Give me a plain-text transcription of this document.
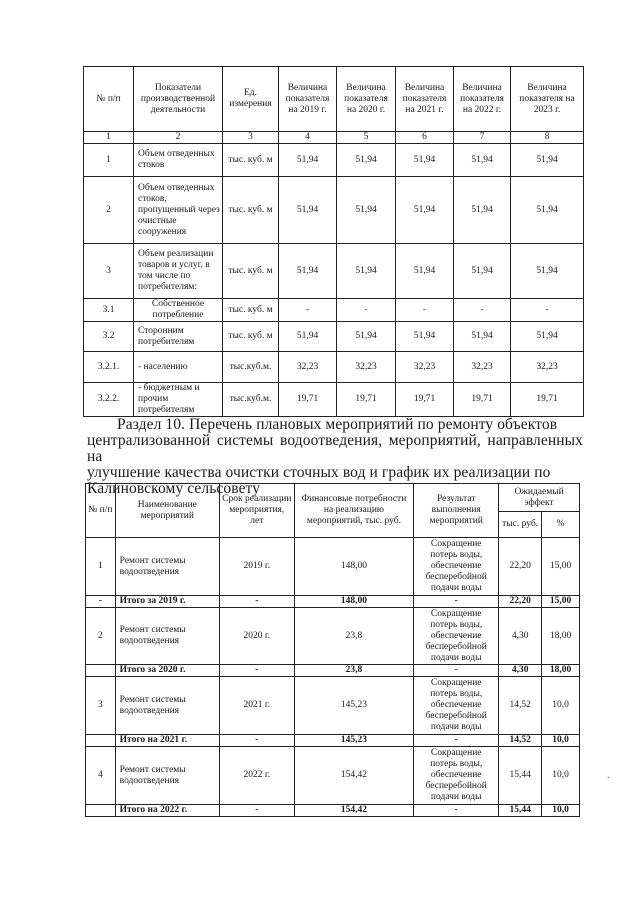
№ п/п	Показатели производственной деятельности	Ед. измерения	Величина показателя на 2019 г.	Величина показателя на 2020 г.	Величина показателя на 2021 г.	Величина показателя на 2022 г.	Величина показателя на 2023 г.
1	2	3	4	5	6	7	8
1	Объем отведенных стоков	тыс. куб. м	51,94	51,94	51,94	51,94	51,94
2	Объем отведенных стоков, пропущенный через очистные сооружения	тыс. куб. м	51,94	51,94	51,94	51,94	51,94
3	Объем реализации товаров и услуг, в том числе по потребителям:	тыс. куб. м	51,94	51,94	51,94	51,94	51,94
3.1	Собственное потребление	тыс. куб. м	-	-	-	-	-
3.2	Сторонним потребителям	тыс. куб. м	51,94	51,94	51,94	51,94	51,94
3.2.1.	- населению	тыс.куб.м.	32,23	32,23	32,23	32,23	32,23
3.2.2.	- бюджетным и прочим потребителям	тыс.куб.м.	19,71	19,71	19,71	19,71	19,71
Раздел 10. Перечень плановых мероприятий по ремонту объектов
централизованной системы водоотведения, мероприятий, направленных на
улучшение качества очистки сточных вод и график их реализации по
Калиновскому сельсовету
№ п/п	Наименование мероприятий	Срок реализации мероприятия, лет	Финансовые потребности на реализацию мероприятий, тыс. руб.	Результат выполнения мероприятий	Ожидаемый эффект	
					тыс. руб.	%
1	Ремонт системы водоотведения	2019 г.	148,00	Сокращение потерь воды, обеспечение бесперебойной подачи воды	22,20	15,00
-	Итого за 2019 г.	-	148,00	-	22,20	15,00
2	Ремонт системы водоотведения	2020 г.	23,8	Сокращение потерь воды, обеспечение бесперебойной подачи воды	4,30	18,00
	Итого за 2020 г.	-	23,8	-	4,30	18,00
3	Ремонт системы водоотведения	2021 г.	145,23	Сокращение потерь воды, обеспечение бесперебойной подачи воды	14,52	10,0
	Итого на 2021 г.	-	145,23	-	14,52	10,0
4	Ремонт системы водоотведения	2022 г.	154,42	Сокращение потерь воды, обеспечение бесперебойной подачи воды	15,44	10,0
	Итого на 2022 г.	-	154,42	-	15,44	10,0
.
